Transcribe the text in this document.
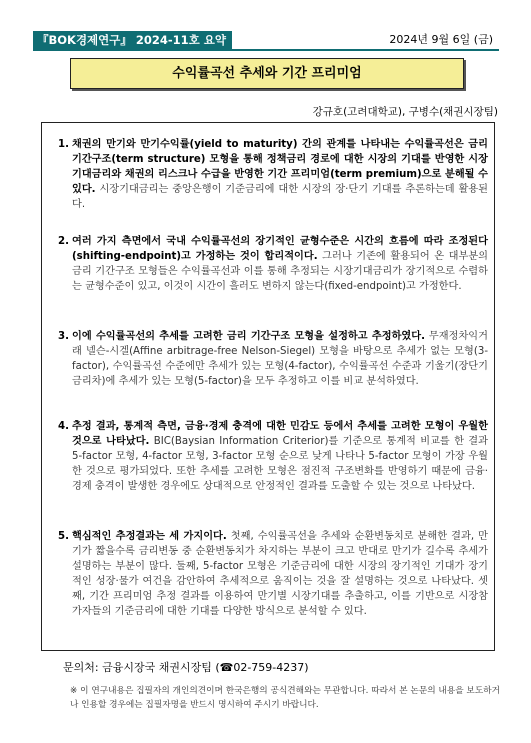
『BOK경제연구』 2024-11호 요약	2024년 9월 6일 (금)
수익률곡선 추세와 기간 프리미엄
강규호(고려대학교), 구병수(채권시장팀)
1. 채권의 만기와 만기수익률(yield to maturity) 간의 관계를 나타내는 수익률곡선은 금리 기간구조(term structure) 모형을 통해 정책금리 경로에 대한 시장의 기대를 반영한 시장기대금리와 채권의 리스크나 수급을 반영한 기간 프리미엄(term premium)으로 분해될 수 있다. 시장기대금리는 중앙은행이 기준금리에 대한 시장의 장·단기 기대를 추론하는데 활용된다.
2. 여러 가지 측면에서 국내 수익률곡선의 장기적인 균형수준은 시간의 흐름에 따라 조정된다(shifting-endpoint)고 가정하는 것이 합리적이다. 그러나 기존에 활용되어 온 대부분의 금리 기간구조 모형들은 수익률곡선과 이를 통해 추정되는 시장기대금리가 장기적으로 수렴하는 균형수준이 있고, 이것이 시간이 흘러도 변하지 않는다(fixed-endpoint)고 가정한다.
3. 이에 수익률곡선의 추세를 고려한 금리 기간구조 모형을 설정하고 추정하였다. 무재정차익거래 넬슨-시겔(Affine arbitrage-free Nelson-Siegel) 모형을 바탕으로 추세가 없는 모형(3-factor), 수익률곡선 수준에만 추세가 있는 모형(4-factor), 수익률곡선 수준과 기울기(장단기금리차)에 추세가 있는 모형(5-factor)을 모두 추정하고 이를 비교 분석하였다.
4. 추정 결과, 통계적 측면, 금융·경제 충격에 대한 민감도 등에서 추세를 고려한 모형이 우월한 것으로 나타났다. BIC(Baysian Information Criterior)를 기준으로 통계적 비교를 한 결과 5-factor 모형, 4-factor 모형, 3-factor 모형 순으로 낮게 나타나 5-factor 모형이 가장 우월한 것으로 평가되었다. 또한 추세를 고려한 모형은 점진적 구조변화를 반영하기 때문에 금융·경제 충격이 발생한 경우에도 상대적으로 안정적인 결과를 도출할 수 있는 것으로 나타났다.
5. 핵심적인 추정결과는 세 가지이다. 첫째, 수익률곡선을 추세와 순환변동치로 분해한 결과, 만기가 짧을수록 금리변동 중 순환변동치가 차지하는 부분이 크고 반대로 만기가 길수록 추세가 설명하는 부분이 많다. 둘째, 5-factor 모형은 기준금리에 대한 시장의 장기적인 기대가 장기적인 성장·물가 여건을 감안하여 추세적으로 움직이는 것을 잘 설명하는 것으로 나타났다. 셋째, 기간 프리미엄 추정 결과를 이용하여 만기별 시장기대를 추출하고, 이를 기반으로 시장참가자들의 기준금리에 대한 기대를 다양한 방식으로 분석할 수 있다.
문의처: 금융시장국 채권시장팀 (☎02-759-4237)
※ 이 연구내용은 집필자의 개인의견이며 한국은행의 공식견해와는 무관합니다. 따라서 본 논문의 내용을 보도하거나 인용할 경우에는 집필자명을 반드시 명시하여 주시기 바랍니다.
